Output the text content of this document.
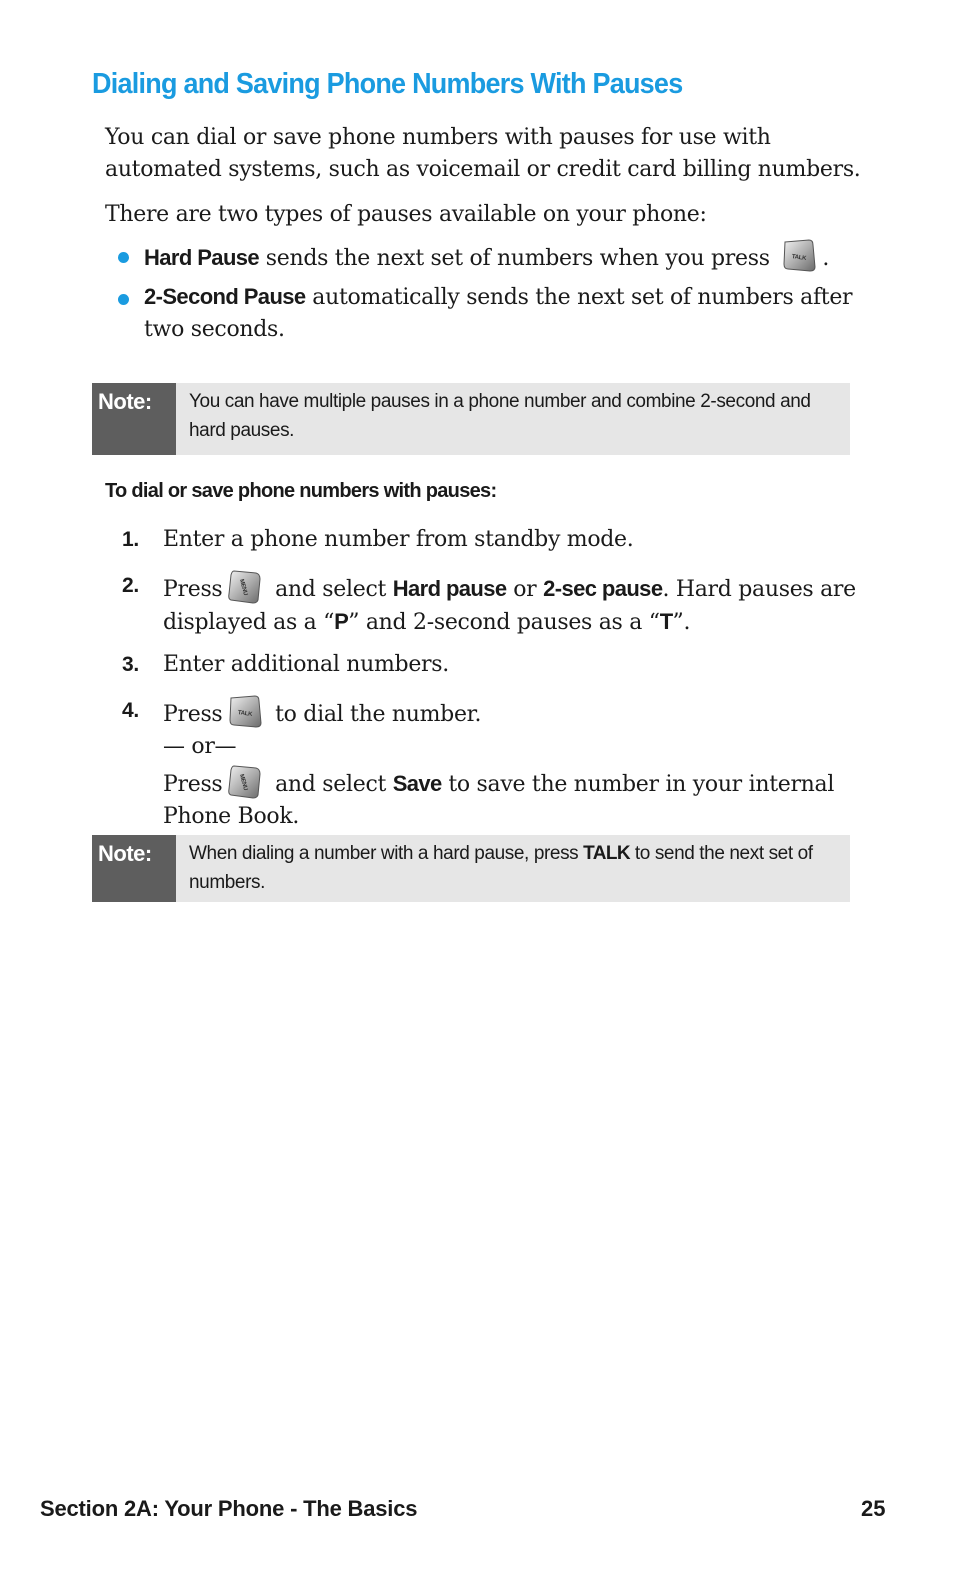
Dialing and Saving Phone Numbers With Pauses
You can dial or save phone numbers with pauses for use with automated systems, such as voicemail or credit card billing numbers.
There are two types of pauses available on your phone:
Hard Pause sends the next set of numbers when you press	TALK .
2-Second Pause automatically sends the next set of numbers after two seconds.
Note:	You can have multiple pauses in a phone number and combine 2-second and hard pauses.
To dial or save phone numbers with pauses:
1. Enter a phone number from standby mode.
2. Press	MENU and select Hard pause or 2-sec pause. Hard pauses are displayed as a “P” and 2-second pauses as a “T”.
3. Enter additional numbers.
4. Press	TALK to dial the number.
— or—
Press	MENU and select Save to save the number in your internal Phone Book.
Note:	When dialing a number with a hard pause, press TALK to send the next set of numbers.
Section 2A: Your Phone - The Basics	25
